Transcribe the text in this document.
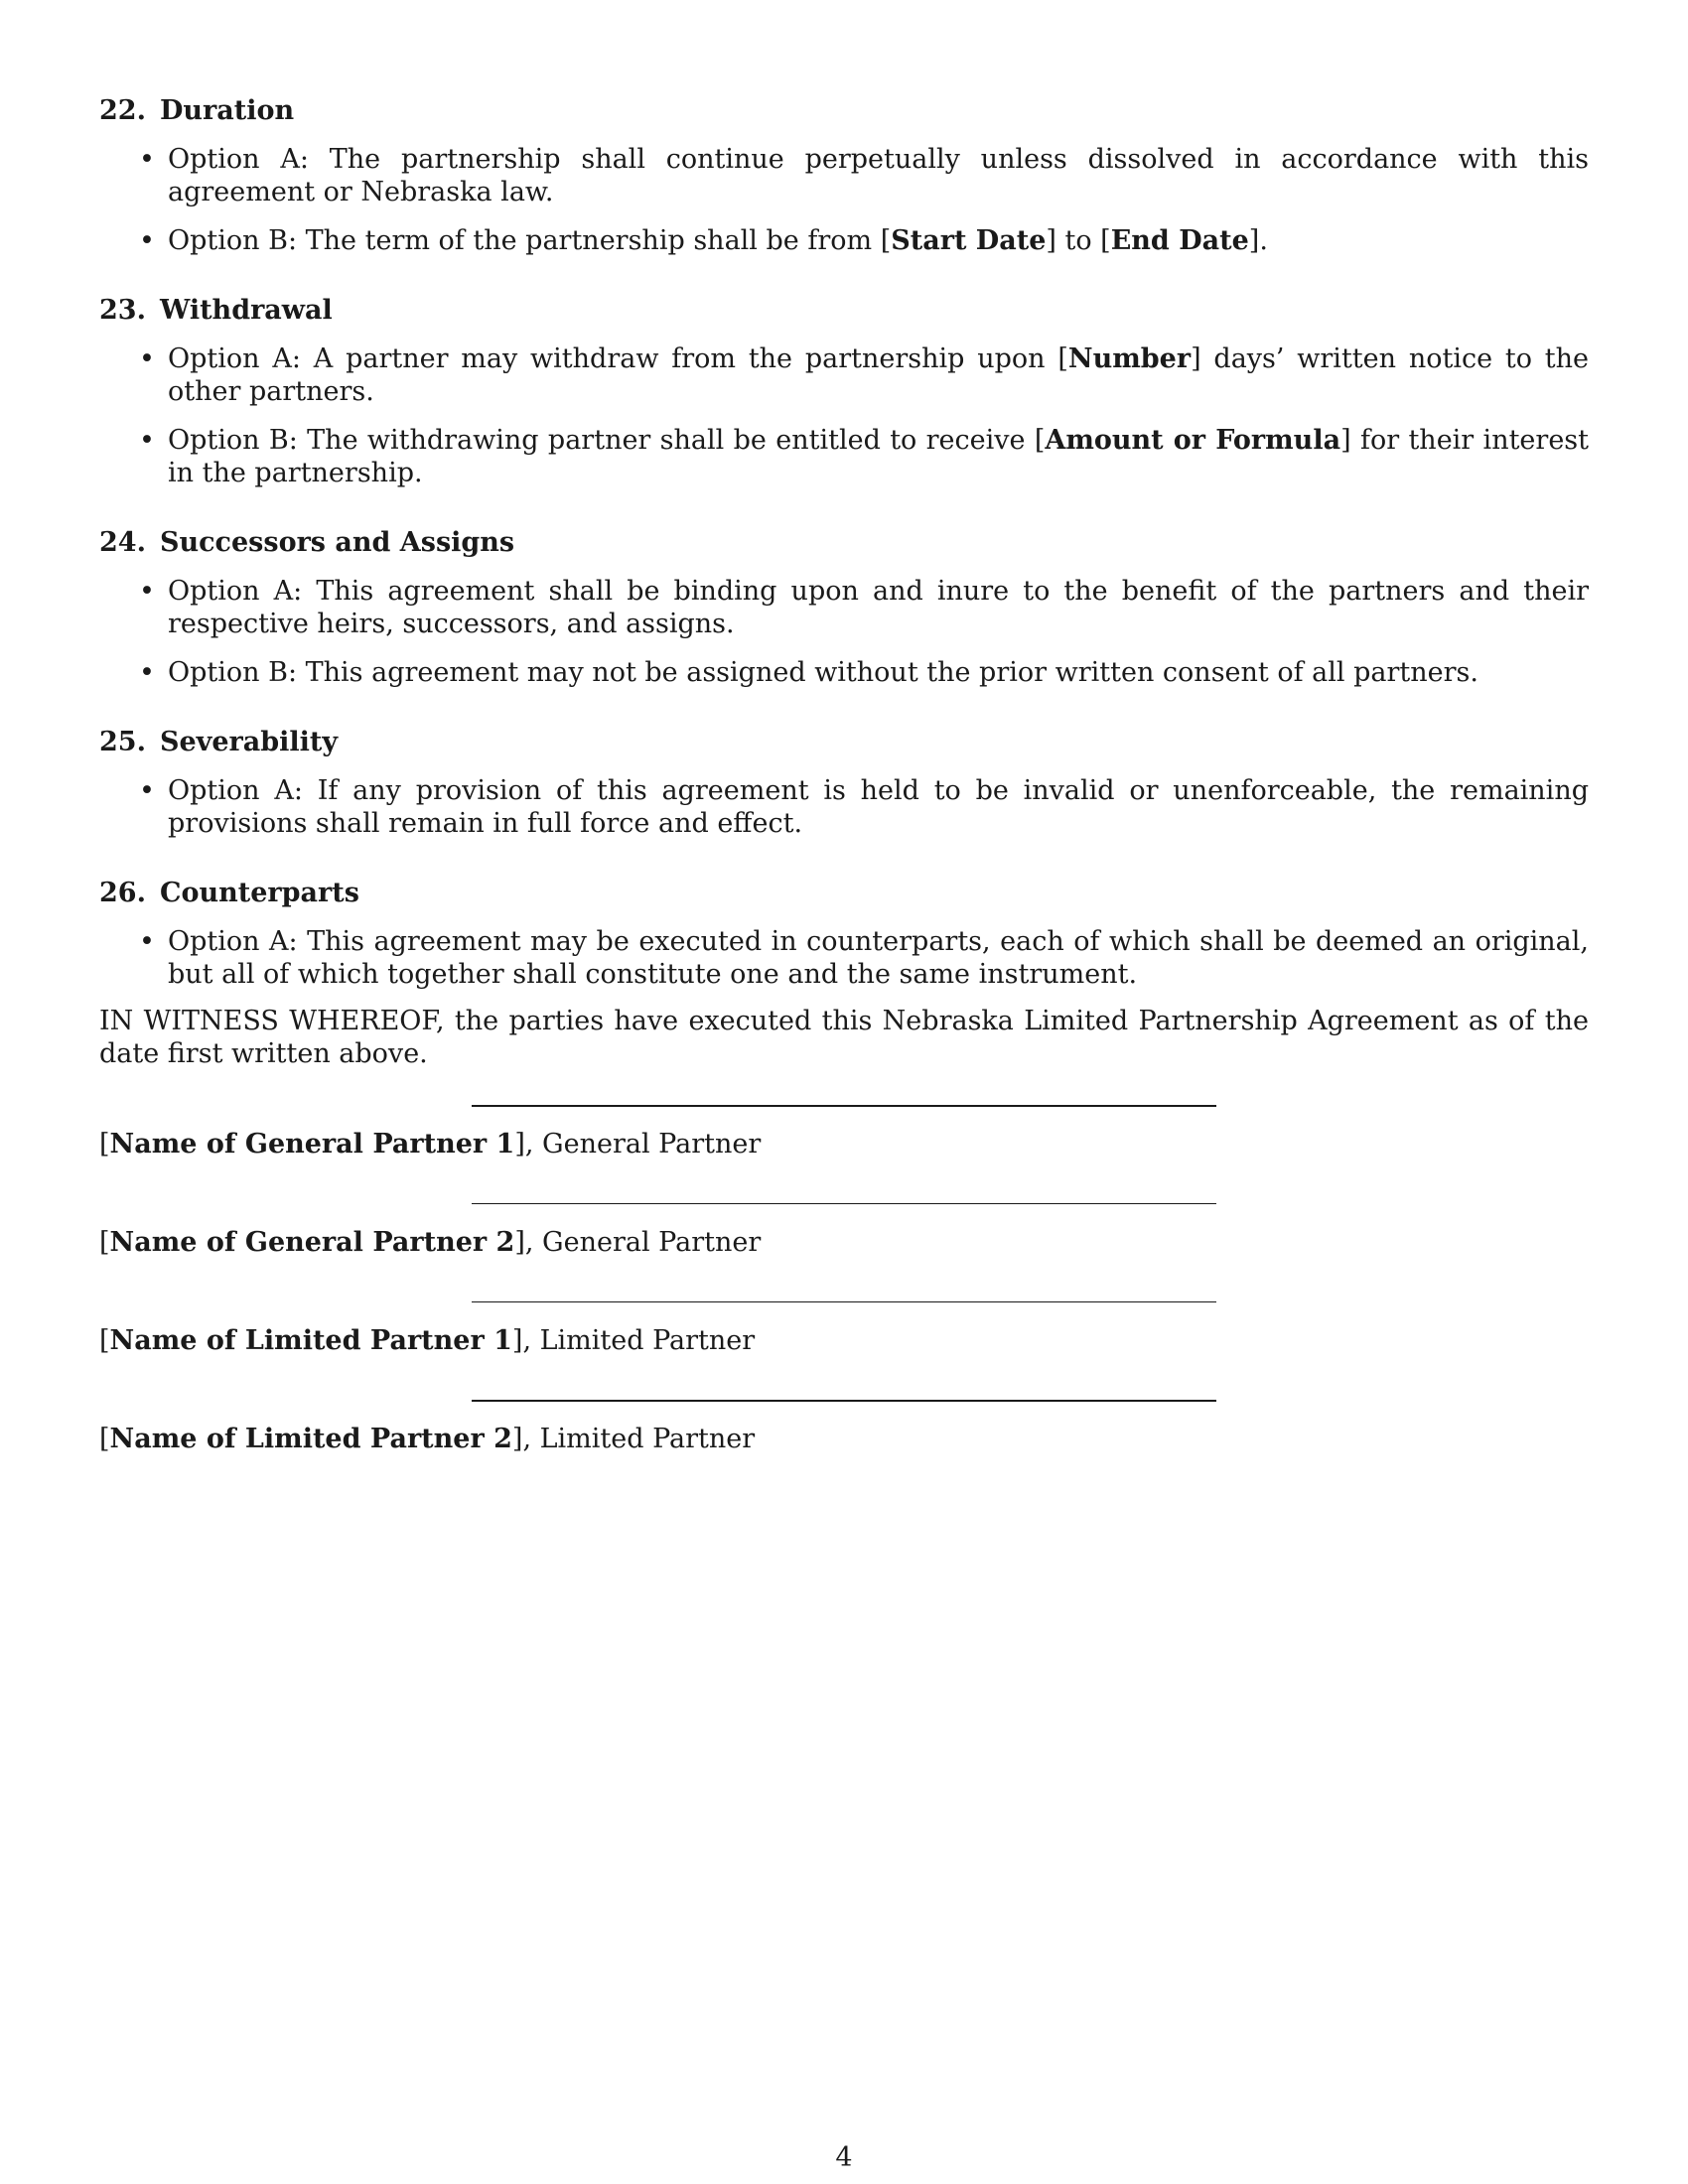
22. Duration
• Option A: The partnership shall continue perpetually unless dissolved in accordance with this agreement or Nebraska law.
• Option B: The term of the partnership shall be from [Start Date] to [End Date].
23. Withdrawal
• Option A: A partner may withdraw from the partnership upon [Number] days’ written notice to the other partners.
• Option B: The withdrawing partner shall be entitled to receive [Amount or Formula] for their interest in the partnership.
24. Successors and Assigns
• Option A: This agreement shall be binding upon and inure to the benefit of the partners and their respective heirs, successors, and assigns.
• Option B: This agreement may not be assigned without the prior written consent of all partners.
25. Severability
• Option A: If any provision of this agreement is held to be invalid or unenforceable, the remaining provisions shall remain in full force and effect.
26. Counterparts
• Option A: This agreement may be executed in counterparts, each of which shall be deemed an original, but all of which together shall constitute one and the same instrument.

IN WITNESS WHEREOF, the parties have executed this Nebraska Limited Partnership Agreement as of the date first written above.

[Name of General Partner 1], General Partner
[Name of General Partner 2], General Partner
[Name of Limited Partner 1], Limited Partner
[Name of Limited Partner 2], Limited Partner
4
